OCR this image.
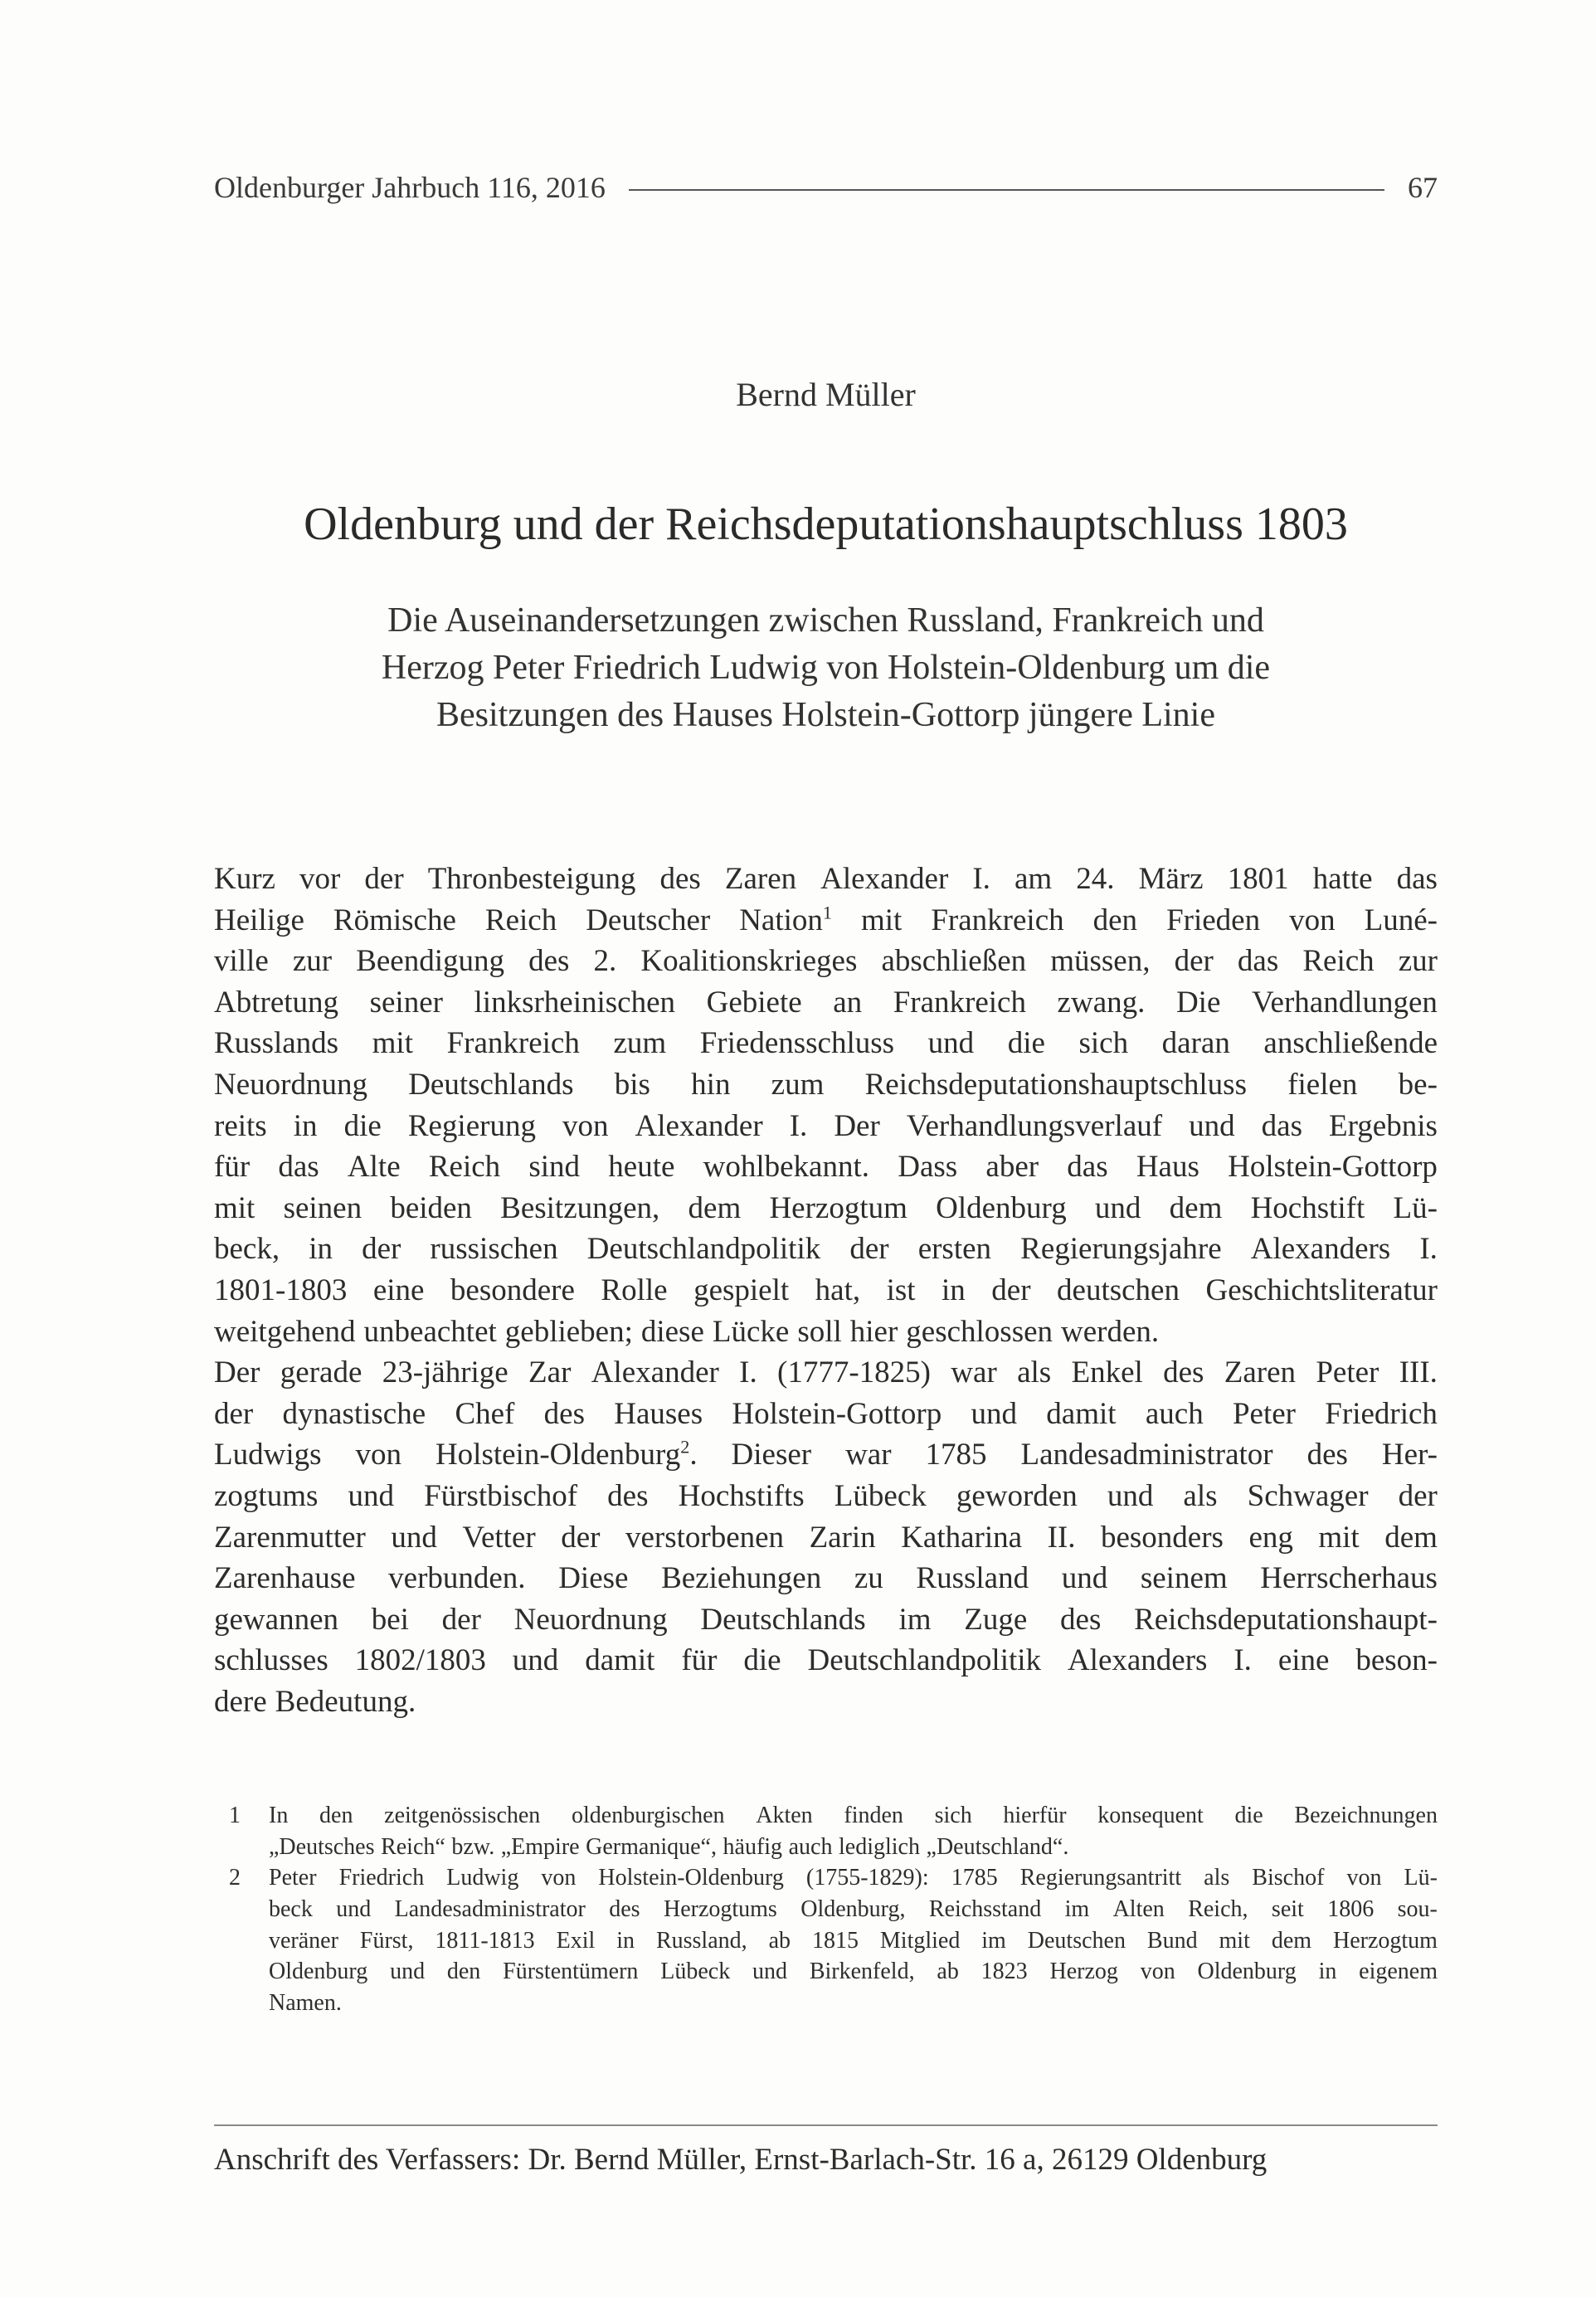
Oldenburger Jahrbuch 116, 2016	67
Bernd Müller
Oldenburg und der Reichsdeputationshauptschluss 1803
Die Auseinandersetzungen zwischen Russland, Frankreich und
Herzog Peter Friedrich Ludwig von Holstein-Oldenburg um die
Besitzungen des Hauses Holstein-Gottorp jüngere Linie
Kurz vor der Thronbesteigung des Zaren Alexander I. am 24. März 1801 hatte das
Heilige Römische Reich Deutscher Nation$^1$ mit Frankreich den Frieden von Luné-
ville zur Beendigung des 2. Koalitionskrieges abschließen müssen, der das Reich zur
Abtretung seiner linksrheinischen Gebiete an Frankreich zwang. Die Verhandlungen
Russlands mit Frankreich zum Friedensschluss und die sich daran anschließende
Neuordnung Deutschlands bis hin zum Reichsdeputationshauptschluss fielen be-
reits in die Regierung von Alexander I. Der Verhandlungsverlauf und das Ergebnis
für das Alte Reich sind heute wohlbekannt. Dass aber das Haus Holstein-Gottorp
mit seinen beiden Besitzungen, dem Herzogtum Oldenburg und dem Hochstift Lü-
beck, in der russischen Deutschlandpolitik der ersten Regierungsjahre Alexanders I.
1801-1803 eine besondere Rolle gespielt hat, ist in der deutschen Geschichtsliteratur
weitgehend unbeachtet geblieben; diese Lücke soll hier geschlossen werden.
Der gerade 23-jährige Zar Alexander I. (1777-1825) war als Enkel des Zaren Peter III.
der dynastische Chef des Hauses Holstein-Gottorp und damit auch Peter Friedrich
Ludwigs von Holstein-Oldenburg$^2$. Dieser war 1785 Landesadministrator des Her-
zogtums und Fürstbischof des Hochstifts Lübeck geworden und als Schwager der
Zarenmutter und Vetter der verstorbenen Zarin Katharina II. besonders eng mit dem
Zarenhause verbunden. Diese Beziehungen zu Russland und seinem Herrscherhaus
gewannen bei der Neuordnung Deutschlands im Zuge des Reichsdeputationshaupt-
schlusses 1802/1803 und damit für die Deutschlandpolitik Alexanders I. eine beson-
dere Bedeutung.
1 In den zeitgenössischen oldenburgischen Akten finden sich hierfür konsequent die Bezeichnungen
„Deutsches Reich“ bzw. „Empire Germanique“, häufig auch lediglich „Deutschland“.
2 Peter Friedrich Ludwig von Holstein-Oldenburg (1755-1829): 1785 Regierungsantritt als Bischof von Lü-
beck und Landesadministrator des Herzogtums Oldenburg, Reichsstand im Alten Reich, seit 1806 sou-
veräner Fürst, 1811-1813 Exil in Russland, ab 1815 Mitglied im Deutschen Bund mit dem Herzogtum
Oldenburg und den Fürstentümern Lübeck und Birkenfeld, ab 1823 Herzog von Oldenburg in eigenem
Namen.
Anschrift des Verfassers: Dr. Bernd Müller, Ernst-Barlach-Str. 16 a, 26129 Oldenburg
